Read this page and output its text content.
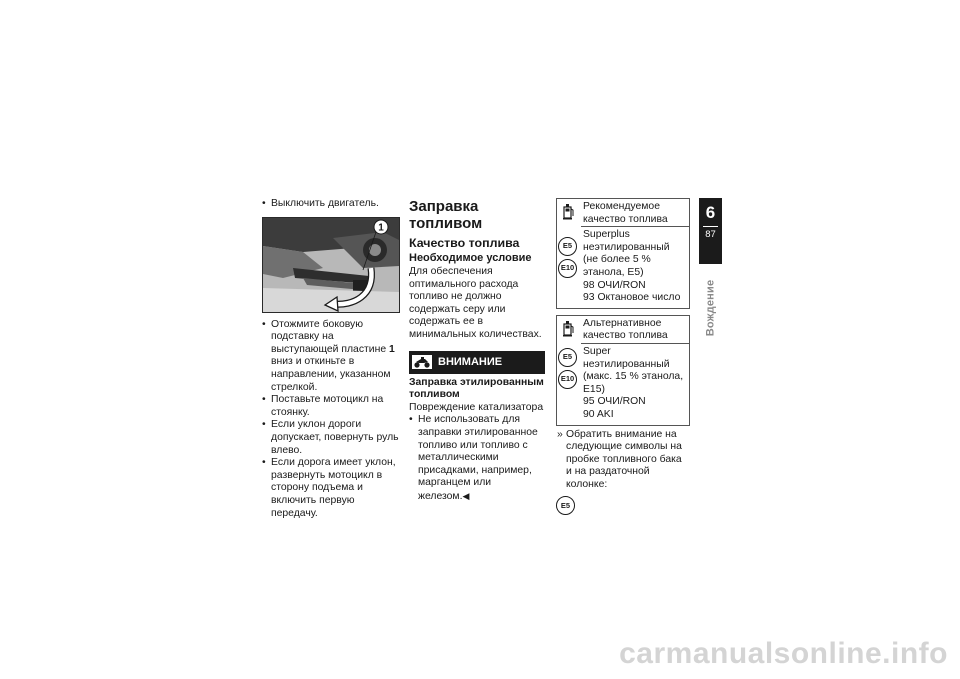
• Выключить двигатель.

1

• Отожмите боковую подставку на выступающей пластине 1 вниз и откиньте в направлении, указанном стрелкой.

• Поставьте мотоцикл на стоянку.

• Если уклон дороги допускает, повернуть руль влево.

• Если дорога имеет уклон, развернуть мотоцикл в сторону подъема и включить первую передачу.

Заправка топливом

Качество топлива

Необходимое условие

Для обеспечения оптимального расхода топливо не должно содержать серу или содержать ее в минимальных количествах.

ВНИМАНИЕ

Заправка этилированным топливом

Повреждение катализатора

• Не использовать для заправки этилированное топливо или топливо с металлическими присадками, например, марганцем или железом.◀

E5
E10

Рекомендуемое качество топлива

Superplus неэтилированный (не более 5 % этанола, E5)

98 ОЧИ/RON

93 Октановое число

E5
E10

Альтернативное качество топлива

Super неэтилированный (макс. 15 % этанола, E15)

95 ОЧИ/RON

90 AKI

» Обратить внимание на следующие символы на пробке топливного бака и на раздаточной колонке:

E5
6
87
Вождение
carmanualsonline.info
